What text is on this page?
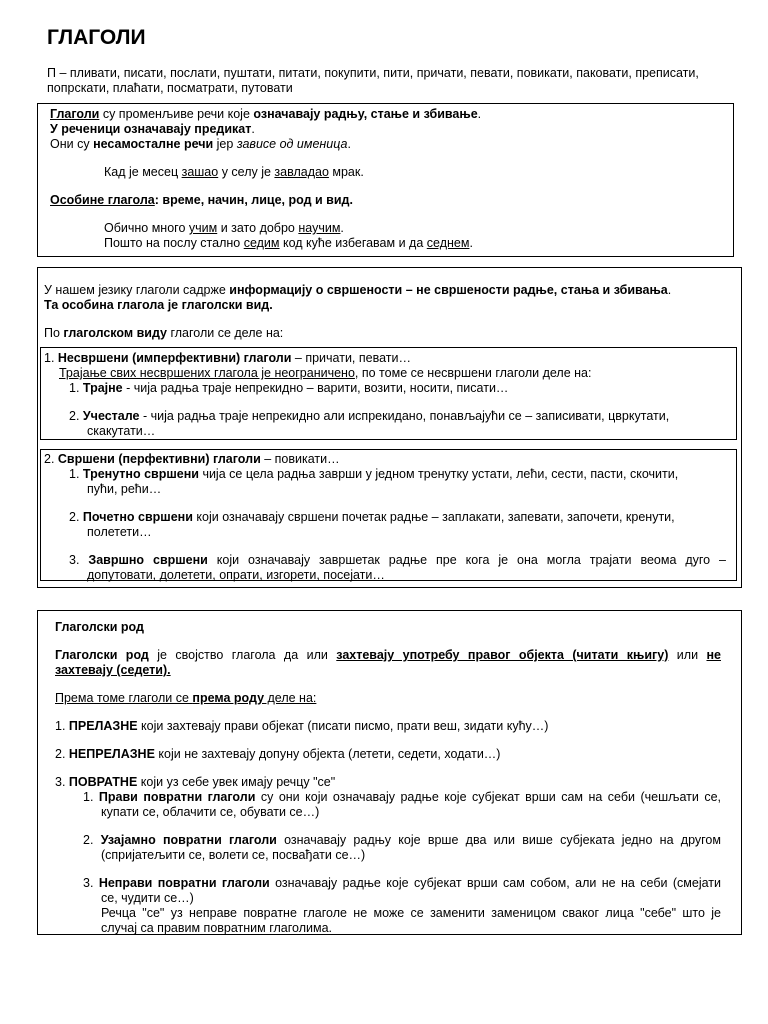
ГЛАГОЛИ

П – пливати, писати, послати, пуштати, питати, покупити, пити, причати, певати, повикати, паковати, преписати,

попрскати, плаћати, посматрати, путовати

Глаголи су променљиве речи које означавају радњу, стање и збивање.

У реченици означавају предикат.

Они су несамосталне речи јер зависе од именица.

Кад је месец зашао у селу је завладао мрак.

Особине глагола: време, начин, лице, род и вид.

Обично много учим и зато добро научим.

Пошто на послу стално седим код куће избегавам и да седнем.

У нашем језику глаголи садрже информацију о свршености – не свршености радње, стања и збивања.

Та особина глагола је глаголски вид.

По глаголском виду глаголи се деле на:

1. Несвршени (имперфективни) глаголи – причати, певати…

Трајање свих несвршених глагола је неограничено, по томе се несвршени глаголи деле на:

1. Трајне - чија радња траје непрекидно – варити, возити, носити, писати…

2. Учестале - чија радња траје непрекидно али испрекидано, понављајући се – записивати, цвркутати,

скакутати…

2. Свршени (перфективни) глаголи – повикати…

1. Тренутно свршени чија се цела радња заврши у једном тренутку устати, лећи, сести, пасти, скочити,

пући, рећи…

2. Почетно свршени који означавају свршени почетак радње – заплакати, запевати, започети, кренути,

полетети…

3. Завршно свршени који означавају завршетак радње пре кога је она могла трајати веома дуго –

допутовати, долетети, опрати, изгорети, посејати…

Глаголски род

Глаголски род је својство глагола да или захтевају употребу правог објекта (читати књигу) или не

захтевају (седети).

Према томе глаголи се према роду деле на:

1. ПРЕЛАЗНЕ који захтевају прави објекат (писати писмо, прати веш, зидати кућу…)

2. НЕПРЕЛАЗНЕ који не захтевају допуну објекта (летети, седети, ходати…)

3. ПОВРАТНЕ који уз себе увек имају речцу "се"

1. Прави повратни глаголи су они који означавају радње које субјекат врши сам на себи (чешљати се,

купати се, облачити се, обувати се…)

2. Узајамно повратни глаголи означавају радњу које врше два или више субјеката једно на другом

(спријатељити се, волети се, посвађати се…)

3. Неправи повратни глаголи означавају радње које субјекат врши сам собом, али не на себи (смејати

се, чудити се…)

Речца "се" уз неправе повратне глаголе не може се заменити заменицом сваког лица "себе" што је

случај са правим повратним глаголима.
